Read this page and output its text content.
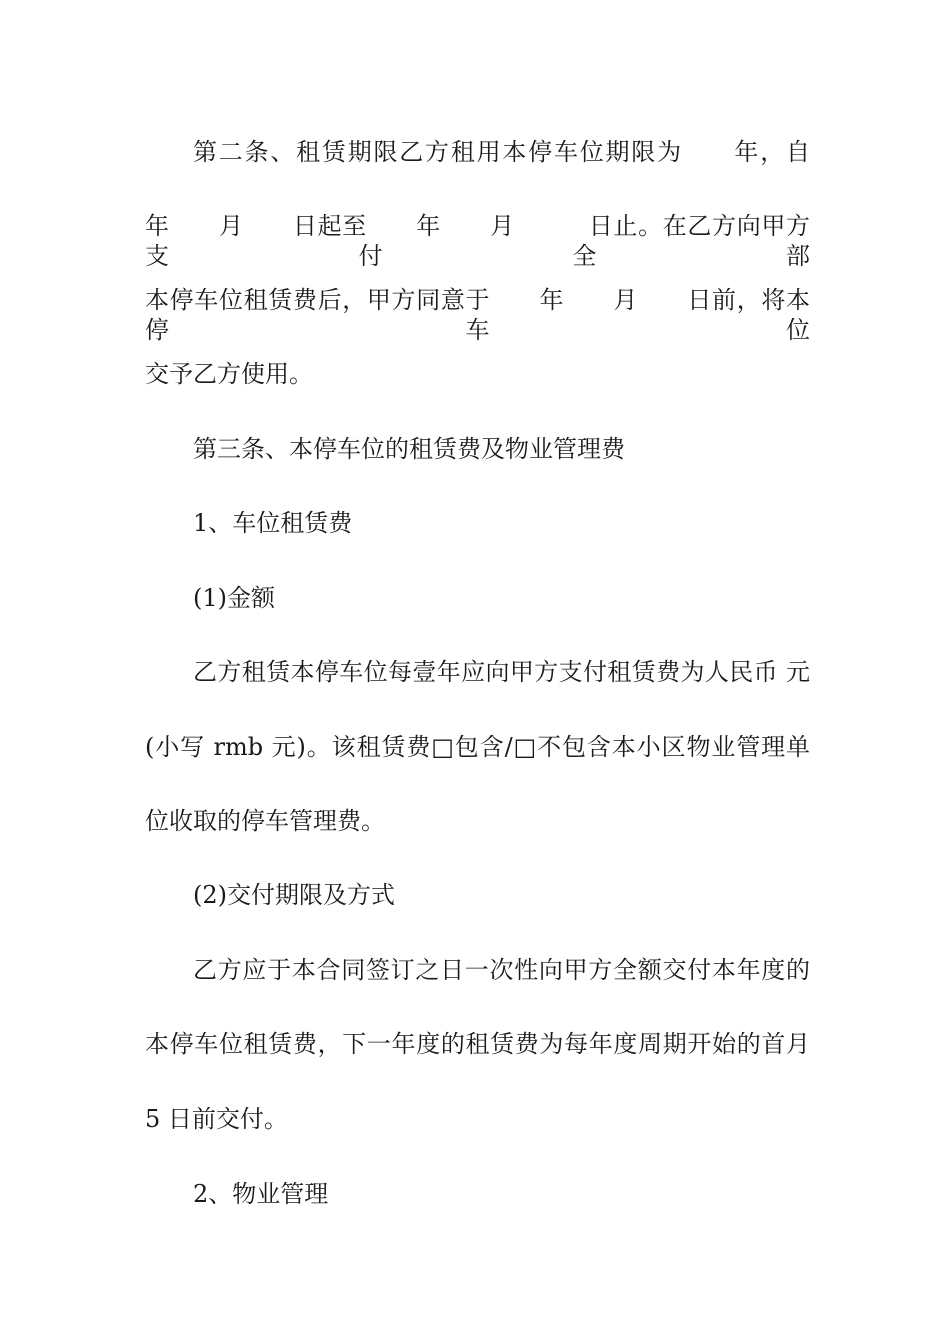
第二条、租赁期限乙方租用本停车位期限为　　年，自
年　　月　　日起至　　年　　月　　　日止。在乙方向甲方支付全部
本停车位租赁费后，甲方同意于　　年　　月　　日前，将本停车位
交予乙方使用。
第三条、本停车位的租赁费及物业管理费
1、车位租赁费
(1)金额
乙方租赁本停车位每壹年应向甲方支付租赁费为人民币 元
(小写 rmb 元)。该租赁费□包含/□不包含本小区物业管理单
位收取的停车管理费。
(2)交付期限及方式
乙方应于本合同签订之日一次性向甲方全额交付本年度的
本停车位租赁费，下一年度的租赁费为每年度周期开始的首月
5 日前交付。
2、物业管理
